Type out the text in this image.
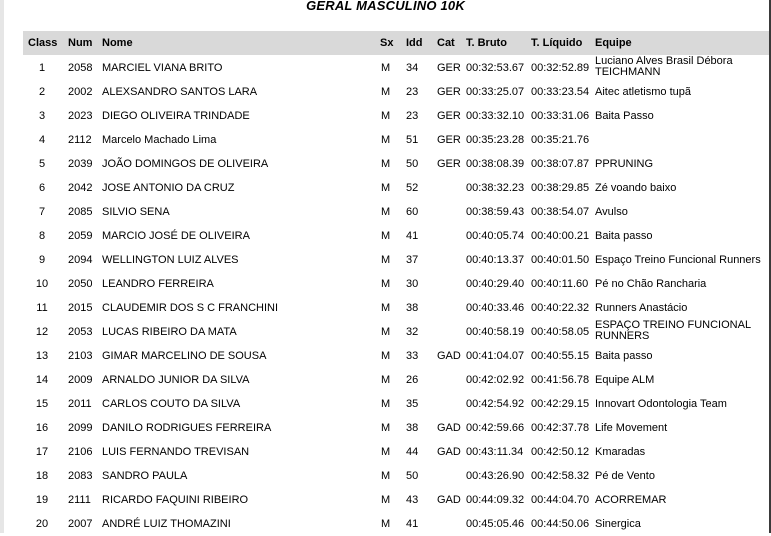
GERAL MASCULINO 10K
Class Num Nome	Sx Idd Cat T. Bruto T. Líquido Equipe
1	2058 MARCIEL VIANA BRITO	M 34 GER 00:32:53.67 00:32:52.89
Luciano Alves Brasil Débora TEICHMANN
2	2002 ALEXSANDRO SANTOS LARA	M 23 GER 00:33:25.07 00:33:23.54 Aitec atletismo tupã
3	2023 DIEGO OLIVEIRA TRINDADE	M 23 GER 00:33:32.10 00:33:31.06 Baita Passo
4	2112 Marcelo Machado Lima	M 51 GER 00:35:23.28 00:35:21.76
5	2039 JOÃO DOMINGOS DE OLIVEIRA	M 50 GER 00:38:08.39 00:38:07.87 PPRUNING
6	2042 JOSE ANTONIO DA CRUZ	M 52	00:38:32.23 00:38:29.85 Zé voando baixo
7	2085 SILVIO SENA	M 60	00:38:59.43 00:38:54.07 Avulso
8	2059 MARCIO JOSÉ DE OLIVEIRA	M 41	00:40:05.74 00:40:00.21 Baita passo
9	2094 WELLINGTON LUIZ ALVES	M 37	00:40:13.37 00:40:01.50 Espaço Treino Funcional Runners
10	2050 LEANDRO FERREIRA	M 30	00:40:29.40 00:40:11.60 Pé no Chão Rancharia
11	2015 CLAUDEMIR DOS S C FRANCHINI	M 38	00:40:33.46 00:40:22.32 Runners Anastácio
12	2053 LUCAS RIBEIRO DA MATA	M 32	00:40:58.19 00:40:58.05
ESPAÇO TREINO FUNCIONAL RUNNERS
13	2103 GIMAR MARCELINO DE SOUSA	M 33 GAD 00:41:04.07 00:40:55.15 Baita passo
14	2009 ARNALDO JUNIOR DA SILVA	M 26	00:42:02.92 00:41:56.78 Equipe ALM
15	2011 CARLOS COUTO DA SILVA	M 35	00:42:54.92 00:42:29.15 Innovart Odontologia Team
16	2099 DANILO RODRIGUES FERREIRA	M 38 GAD 00:42:59.66 00:42:37.78 Life Movement
17	2106 LUIS FERNANDO TREVISAN	M 44 GAD 00:43:11.34 00:42:50.12 Kmaradas
18	2083 SANDRO PAULA	M 50	00:43:26.90 00:42:58.32 Pé de Vento
19	2111 RICARDO FAQUINI RIBEIRO	M 43 GAD 00:44:09.32 00:44:04.70 ACORREMAR
20	2007 ANDRÉ LUIZ THOMAZINI	M 41	00:45:05.46 00:44:50.06 Sinergica
